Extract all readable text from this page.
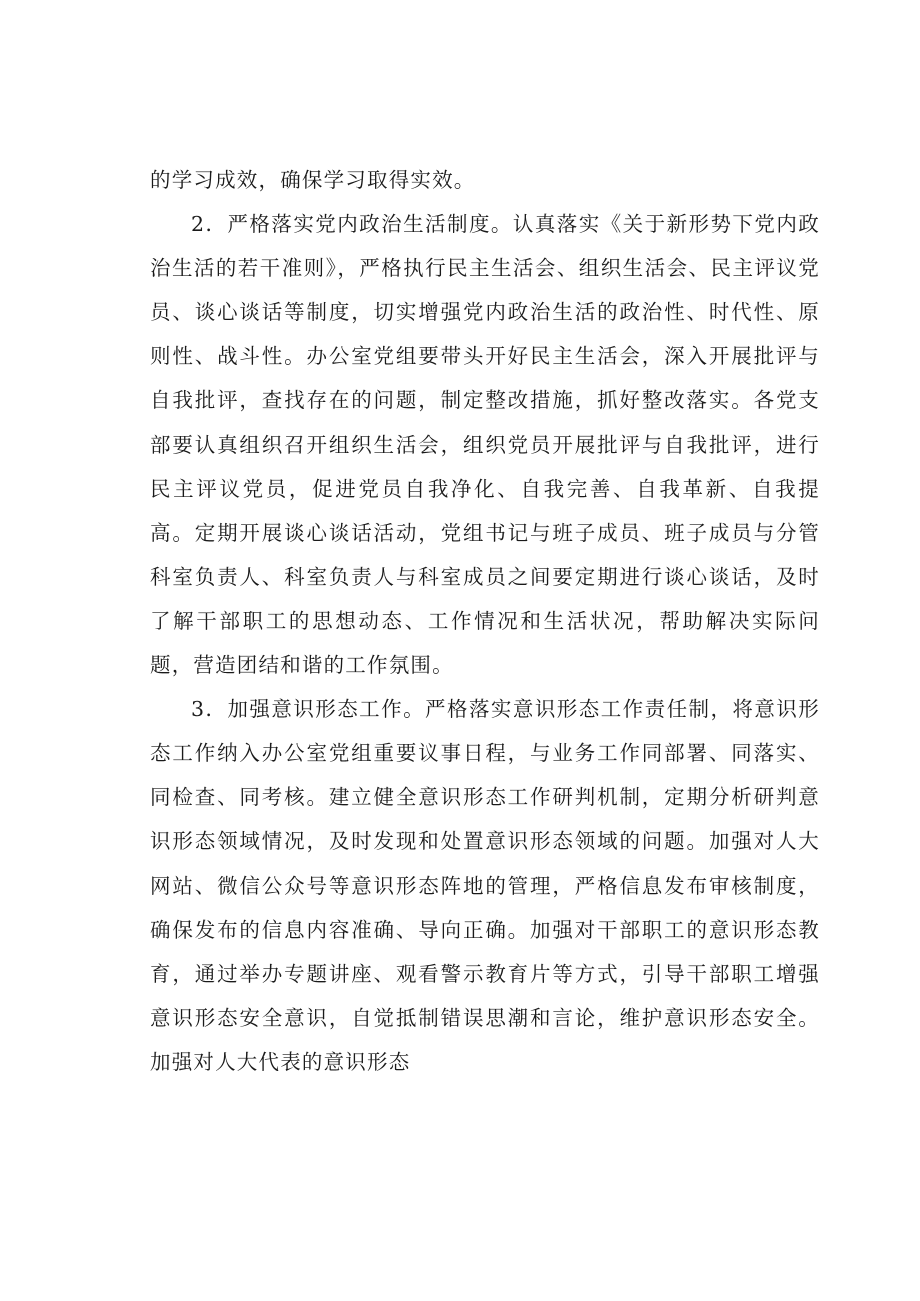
的学习成效，确保学习取得实效。

2．严格落实党内政治生活制度。认真落实《关于新形势下党内政治生活的若干准则》，严格执行民主生活会、组织生活会、民主评议党员、谈心谈话等制度，切实增强党内政治生活的政治性、时代性、原则性、战斗性。办公室党组要带头开好民主生活会，深入开展批评与自我批评，查找存在的问题，制定整改措施，抓好整改落实。各党支部要认真组织召开组织生活会，组织党员开展批评与自我批评，进行民主评议党员，促进党员自我净化、自我完善、自我革新、自我提高。定期开展谈心谈话活动，党组书记与班子成员、班子成员与分管科室负责人、科室负责人与科室成员之间要定期进行谈心谈话，及时了解干部职工的思想动态、工作情况和生活状况，帮助解决实际问题，营造团结和谐的工作氛围。

3．加强意识形态工作。严格落实意识形态工作责任制，将意识形态工作纳入办公室党组重要议事日程，与业务工作同部署、同落实、同检查、同考核。建立健全意识形态工作研判机制，定期分析研判意识形态领域情况，及时发现和处置意识形态领域的问题。加强对人大网站、微信公众号等意识形态阵地的管理，严格信息发布审核制度，确保发布的信息内容准确、导向正确。加强对干部职工的意识形态教育，通过举办专题讲座、观看警示教育片等方式，引导干部职工增强意识形态安全意识，自觉抵制错误思潮和言论，维护意识形态安全。加强对人大代表的意识形态
